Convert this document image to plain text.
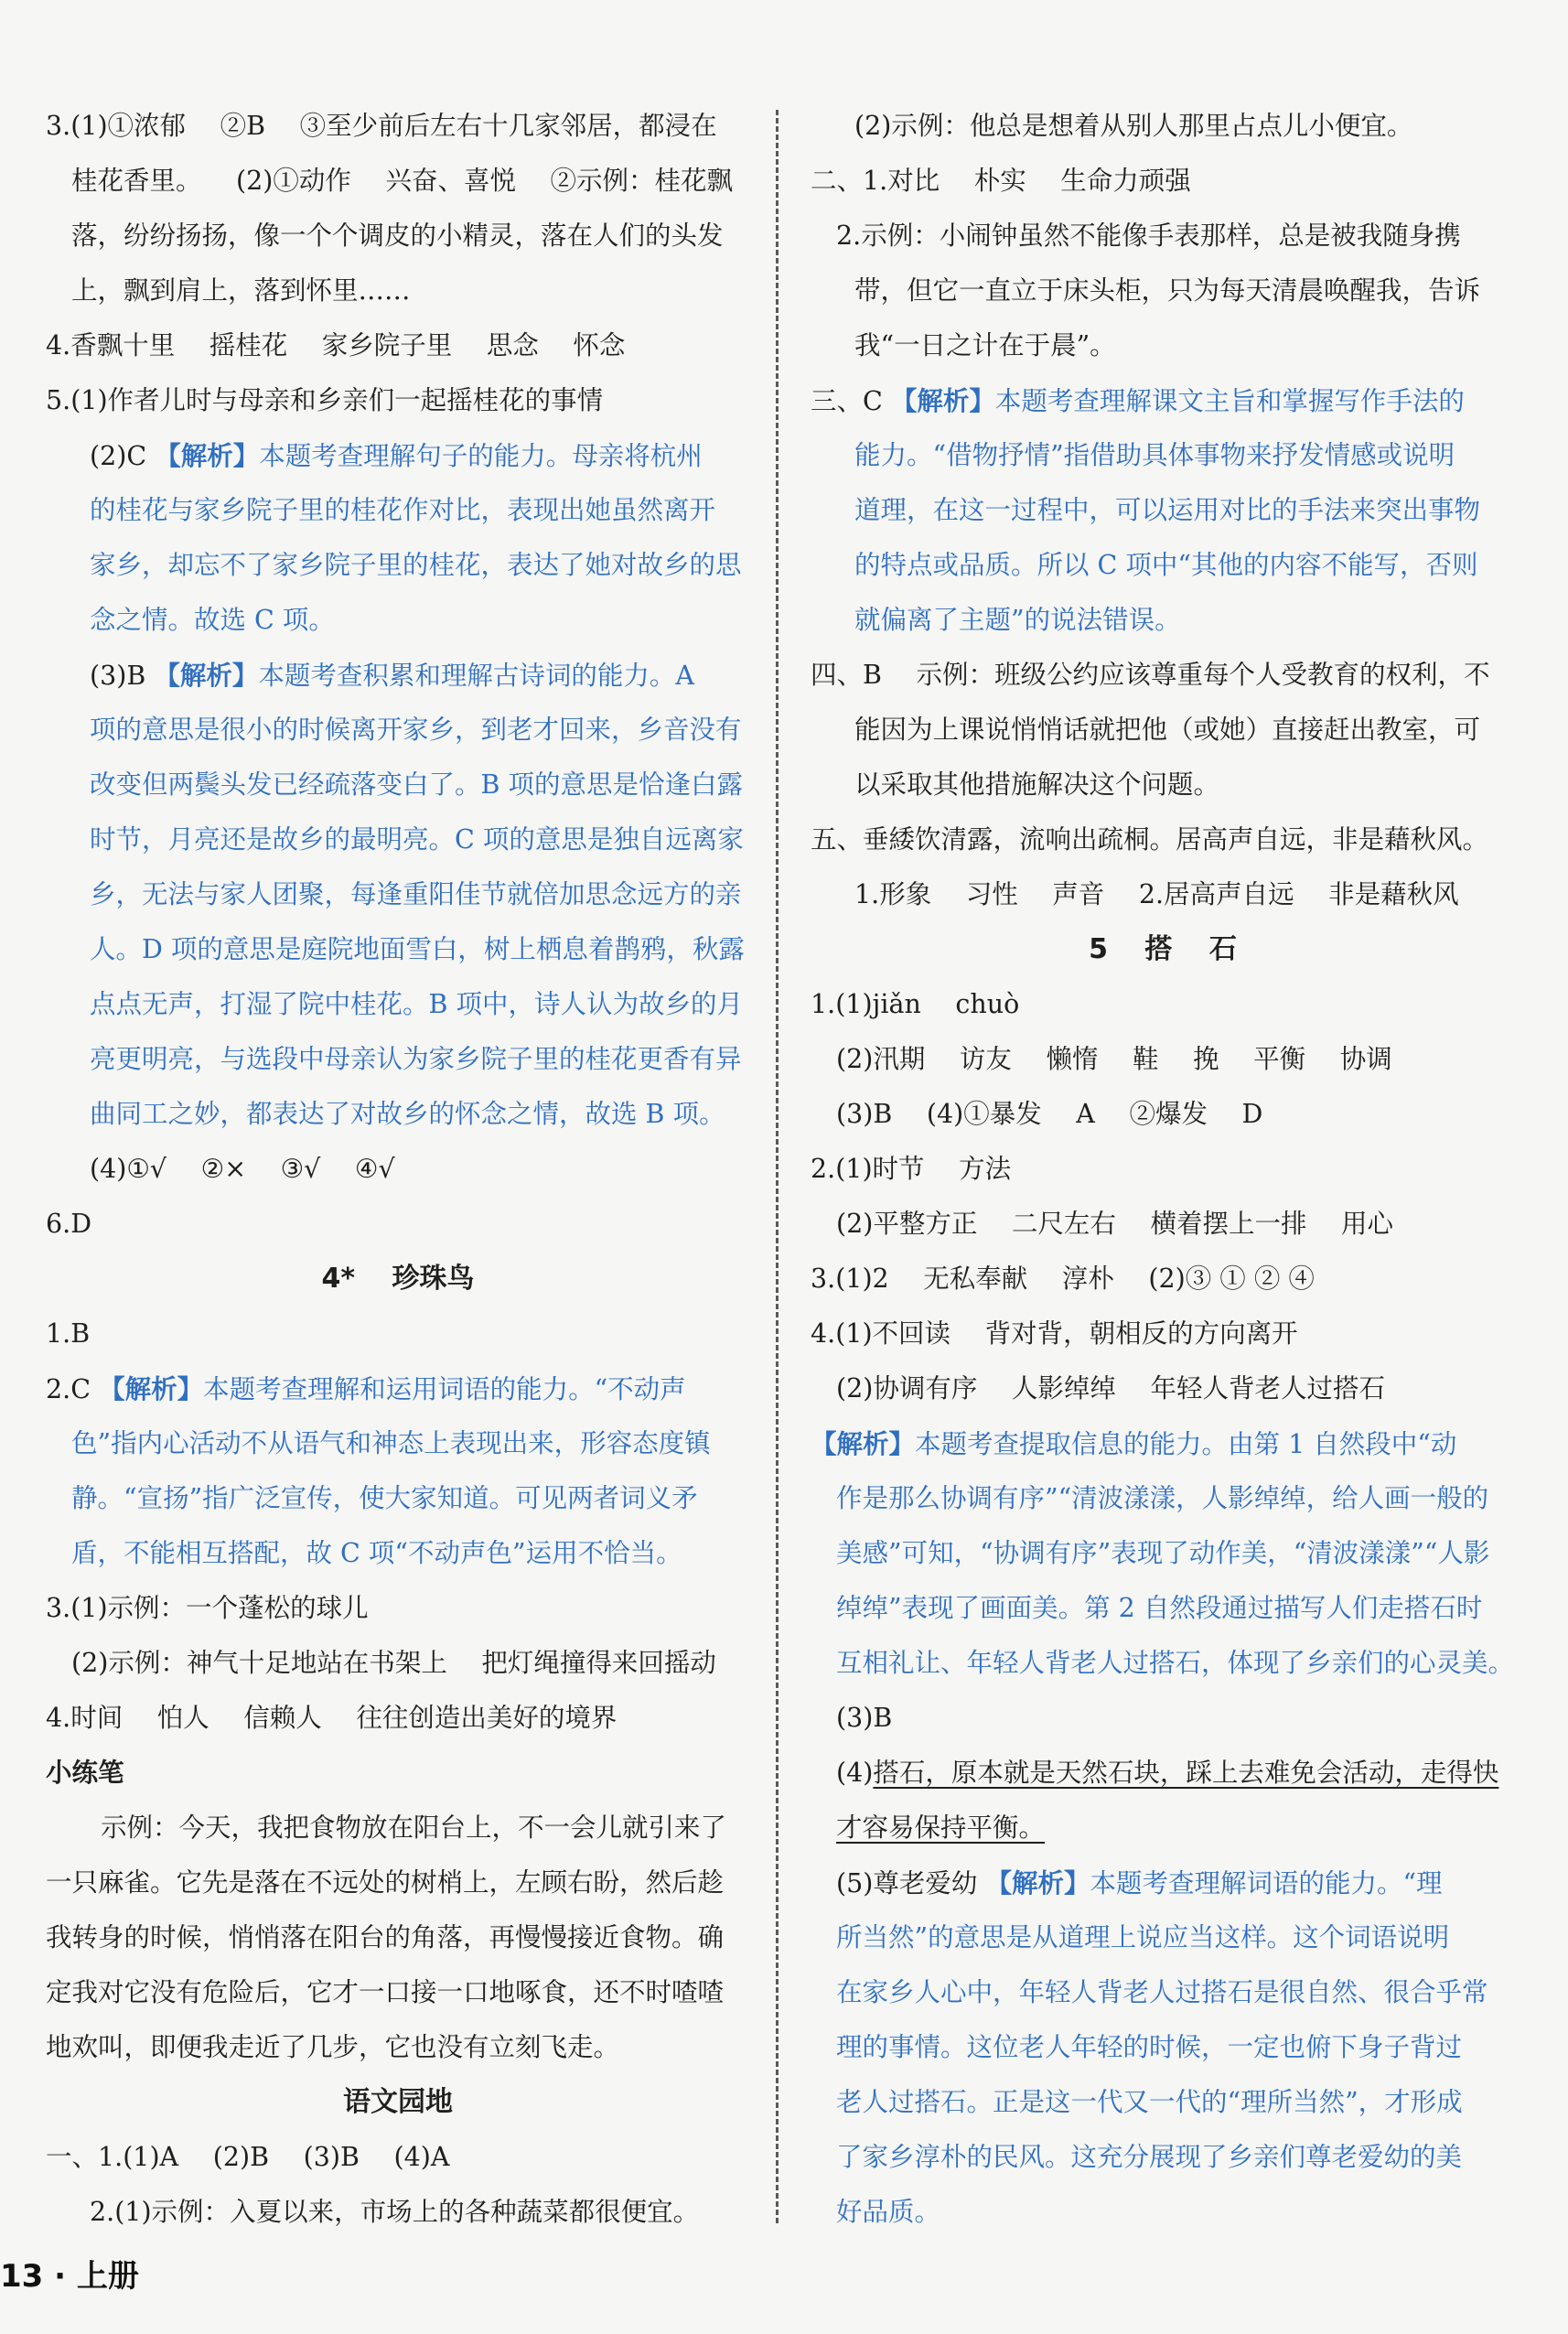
3.(1)①浓郁 　②B 　③至少前后左右十几家邻居，都浸在
桂花香里。 　(2)①动作 　兴奋、喜悦 　②示例：桂花飘
落，纷纷扬扬，像一个个调皮的小精灵，落在人们的头发
上，飘到肩上，落到怀里……
4.香飘十里 　摇桂花 　家乡院子里 　思念 　怀念
5.(1)作者儿时与母亲和乡亲们一起摇桂花的事情
(2)C 【解析】本题考查理解句子的能力。母亲将杭州
的桂花与家乡院子里的桂花作对比，表现出她虽然离开
家乡，却忘不了家乡院子里的桂花，表达了她对故乡的思
念之情。故选 C 项。
(3)B 【解析】本题考查积累和理解古诗词的能力。A
项的意思是很小的时候离开家乡，到老才回来，乡音没有
改变但两鬓头发已经疏落变白了。B 项的意思是恰逢白露
时节，月亮还是故乡的最明亮。C 项的意思是独自远离家
乡，无法与家人团聚，每逢重阳佳节就倍加思念远方的亲
人。D 项的意思是庭院地面雪白，树上栖息着鹊鸦，秋露
点点无声，打湿了院中桂花。B 项中，诗人认为故乡的月
亮更明亮，与选段中母亲认为家乡院子里的桂花更香有异
曲同工之妙，都表达了对故乡的怀念之情，故选 B 项。
(4)①√ 　②× 　③√ 　④√
6.D
4* 　珍珠鸟
1.B
2.C 【解析】本题考查理解和运用词语的能力。“不动声
色”指内心活动不从语气和神态上表现出来，形容态度镇
静。“宣扬”指广泛宣传，使大家知道。可见两者词义矛
盾，不能相互搭配，故 C 项“不动声色”运用不恰当。
3.(1)示例：一个蓬松的球儿
(2)示例：神气十足地站在书架上 　把灯绳撞得来回摇动
4.时间 　怕人 　信赖人 　往往创造出美好的境界
小练笔
示例：今天，我把食物放在阳台上，不一会儿就引来了
一只麻雀。它先是落在不远处的树梢上，左顾右盼，然后趁
我转身的时候，悄悄落在阳台的角落，再慢慢接近食物。确
定我对它没有危险后，它才一口接一口地啄食，还不时喳喳
地欢叫，即便我走近了几步，它也没有立刻飞走。
语文园地
一、1.(1)A 　(2)B 　(3)B 　(4)A
2.(1)示例：入夏以来，市场上的各种蔬菜都很便宜。
(2)示例：他总是想着从别人那里占点儿小便宜。
二、1.对比 　朴实 　生命力顽强
2.示例：小闹钟虽然不能像手表那样，总是被我随身携
带，但它一直立于床头柜，只为每天清晨唤醒我，告诉
我“一日之计在于晨”。
三、C 【解析】本题考查理解课文主旨和掌握写作手法的
能力。“借物抒情”指借助具体事物来抒发情感或说明
道理，在这一过程中，可以运用对比的手法来突出事物
的特点或品质。所以 C 项中“其他的内容不能写，否则
就偏离了主题”的说法错误。
四、B 　示例：班级公约应该尊重每个人受教育的权利，不
能因为上课说悄悄话就把他（或她）直接赶出教室，可
以采取其他措施解决这个问题。
五、垂緌饮清露，流响出疏桐。居高声自远，非是藉秋风。
1.形象 　习性 　声音 　2.居高声自远 　非是藉秋风
5 　搭 　石
1.(1)jiǎn 　chuò
(2)汛期 　访友 　懒惰 　鞋 　挽 　平衡 　协调
(3)B 　(4)①暴发 　A 　②爆发 　D
2.(1)时节 　方法
(2)平整方正 　二尺左右 　横着摆上一排 　用心
3.(1)2 　无私奉献 　淳朴 　(2)③ ① ② ④
4.(1)不回读 　背对背，朝相反的方向离开
(2)协调有序 　人影绰绰 　年轻人背老人过搭石
【解析】本题考查提取信息的能力。由第 1 自然段中“动
作是那么协调有序”“清波漾漾，人影绰绰，给人画一般的
美感”可知，“协调有序”表现了动作美，“清波漾漾”“人影
绰绰”表现了画面美。第 2 自然段通过描写人们走搭石时
互相礼让、年轻人背老人过搭石，体现了乡亲们的心灵美。
(3)B
(4)搭石，原本就是天然石块，踩上去难免会活动，走得快
才容易保持平衡。
(5)尊老爱幼 【解析】本题考查理解词语的能力。“理
所当然”的意思是从道理上说应当这样。这个词语说明
在家乡人心中，年轻人背老人过搭石是很自然、很合乎常
理的事情。这位老人年轻的时候，一定也俯下身子背过
老人过搭石。正是这一代又一代的“理所当然”，才形成
了家乡淳朴的民风。这充分展现了乡亲们尊老爱幼的美
好品质。
13 · 上册
